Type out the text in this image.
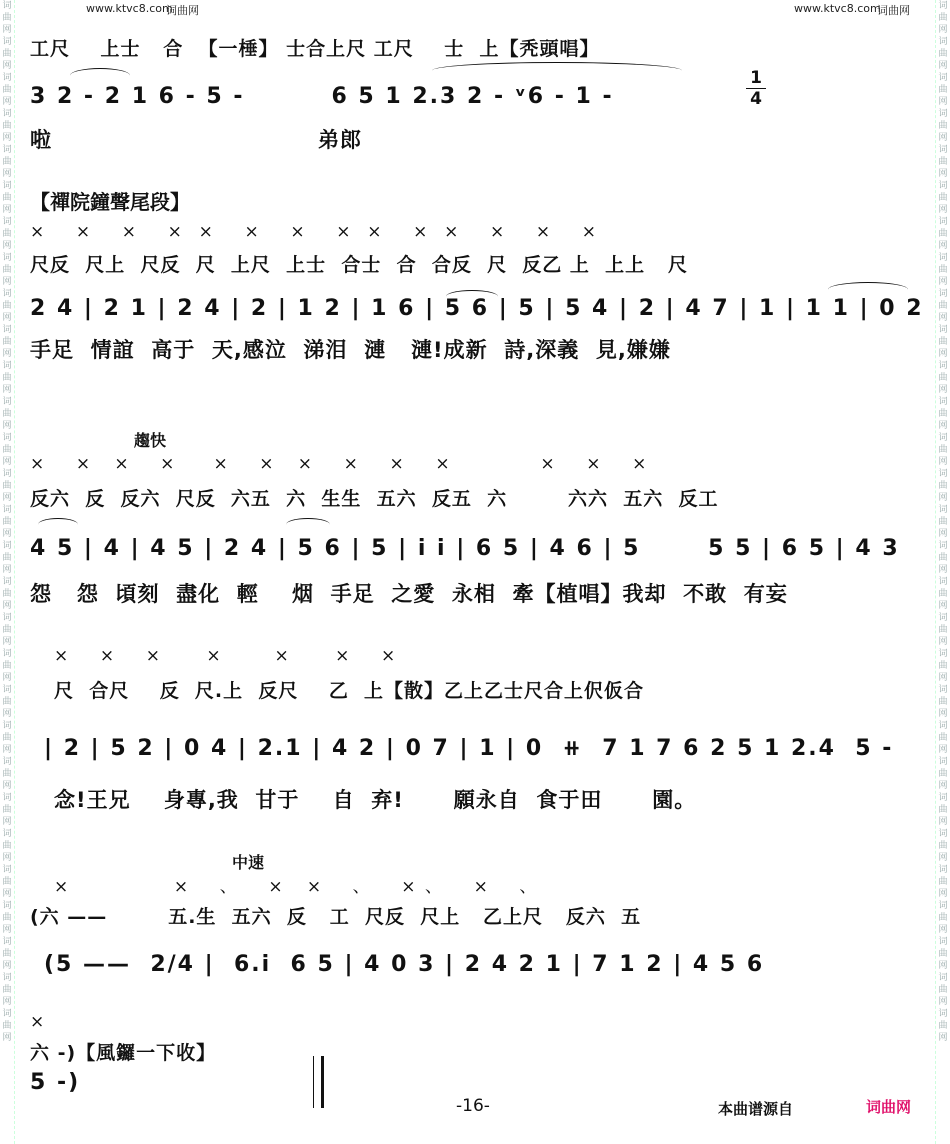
词曲网词曲网词曲网词曲网词曲网词曲网词曲网词曲网词曲网词曲网词曲网词曲网词曲网词曲网词曲网词曲网词曲网词曲网词曲网词曲网词曲网词曲网词曲网词曲网词曲网词曲网词曲网词曲网词曲网
词曲网词曲网词曲网词曲网词曲网词曲网词曲网词曲网词曲网词曲网词曲网词曲网词曲网词曲网词曲网词曲网词曲网词曲网词曲网词曲网词曲网词曲网词曲网词曲网词曲网词曲网词曲网词曲网词曲网
www.ktvc8.com
词曲网	www.ktvc8.com
词曲网
工尺    上士   合  【一棰】 士合上尺 工尺    士  上【秃頭唱】
3 2 - 2 1 6 - 5 -         6 5 1 2.3 2 - ᵛ6 - 1 -	$\frac{1}{4}$
啦                                弟郎
【禪院鐘聲尾段】
×    ×    ×    ×  ×    ×    ×    ×  ×    ×  ×    ×    ×    ×
尺反  尺上  尺反  尺  上尺  上士  合士  合  合反  尺  反乙 上  上上   尺
2 4 | 2 1 | 2 4 | 2 | 1 2 | 1 6 | 5 6 | 5 | 5 4 | 2 | 4 7 | 1 | 1 1 | 0 2
手足  情誼  高于  天,感泣  涕泪  漣   漣!成新  詩,深義  見,嫌嫌
趨快
×    ×   ×    ×     ×    ×   ×    ×    ×    ×            ×    ×    ×
反六  反  反六  尺反  六五  六  生生  五六  反五  六        六六  五六  反工
4 5 | 4 | 4 5 | 2 4 | 5 6 | 5 | i i | 6 5 | 4 6 | 5       5 5 | 6 5 | 4 3
怨   怨  頃刻  盡化  輕    烟  手足  之愛  永相  牽【植唱】我却  不敢  有妄
×    ×    ×      ×       ×      ×    ×
尺  合尺    反  尺.上  反尺    乙  上【散】乙上乙士尺合上伬仮合
| 2 | 5 2 | 0 4 | 2.1 | 4 2 | 0 7 | 1 | 0  ⧺  7 1 7 6 2 5 1 2.4  5 -
念!王兄    身專,我  甘于    自  弃!      願永自  食于田      園。
中速
×              ×    、    ×   ×    、    × 、    ×    、
(六 ——        五.生  五六  反   工  尺反  尺上   乙上尺   反六  五
(5 ——  2/4 |  6.i  6 5 | 4 0 3 | 2 4 2 1 | 7 1 2 | 4 5 6
×
六 -)【風鑼一下收】
5 -)
-16-	本曲谱源自	词曲网
